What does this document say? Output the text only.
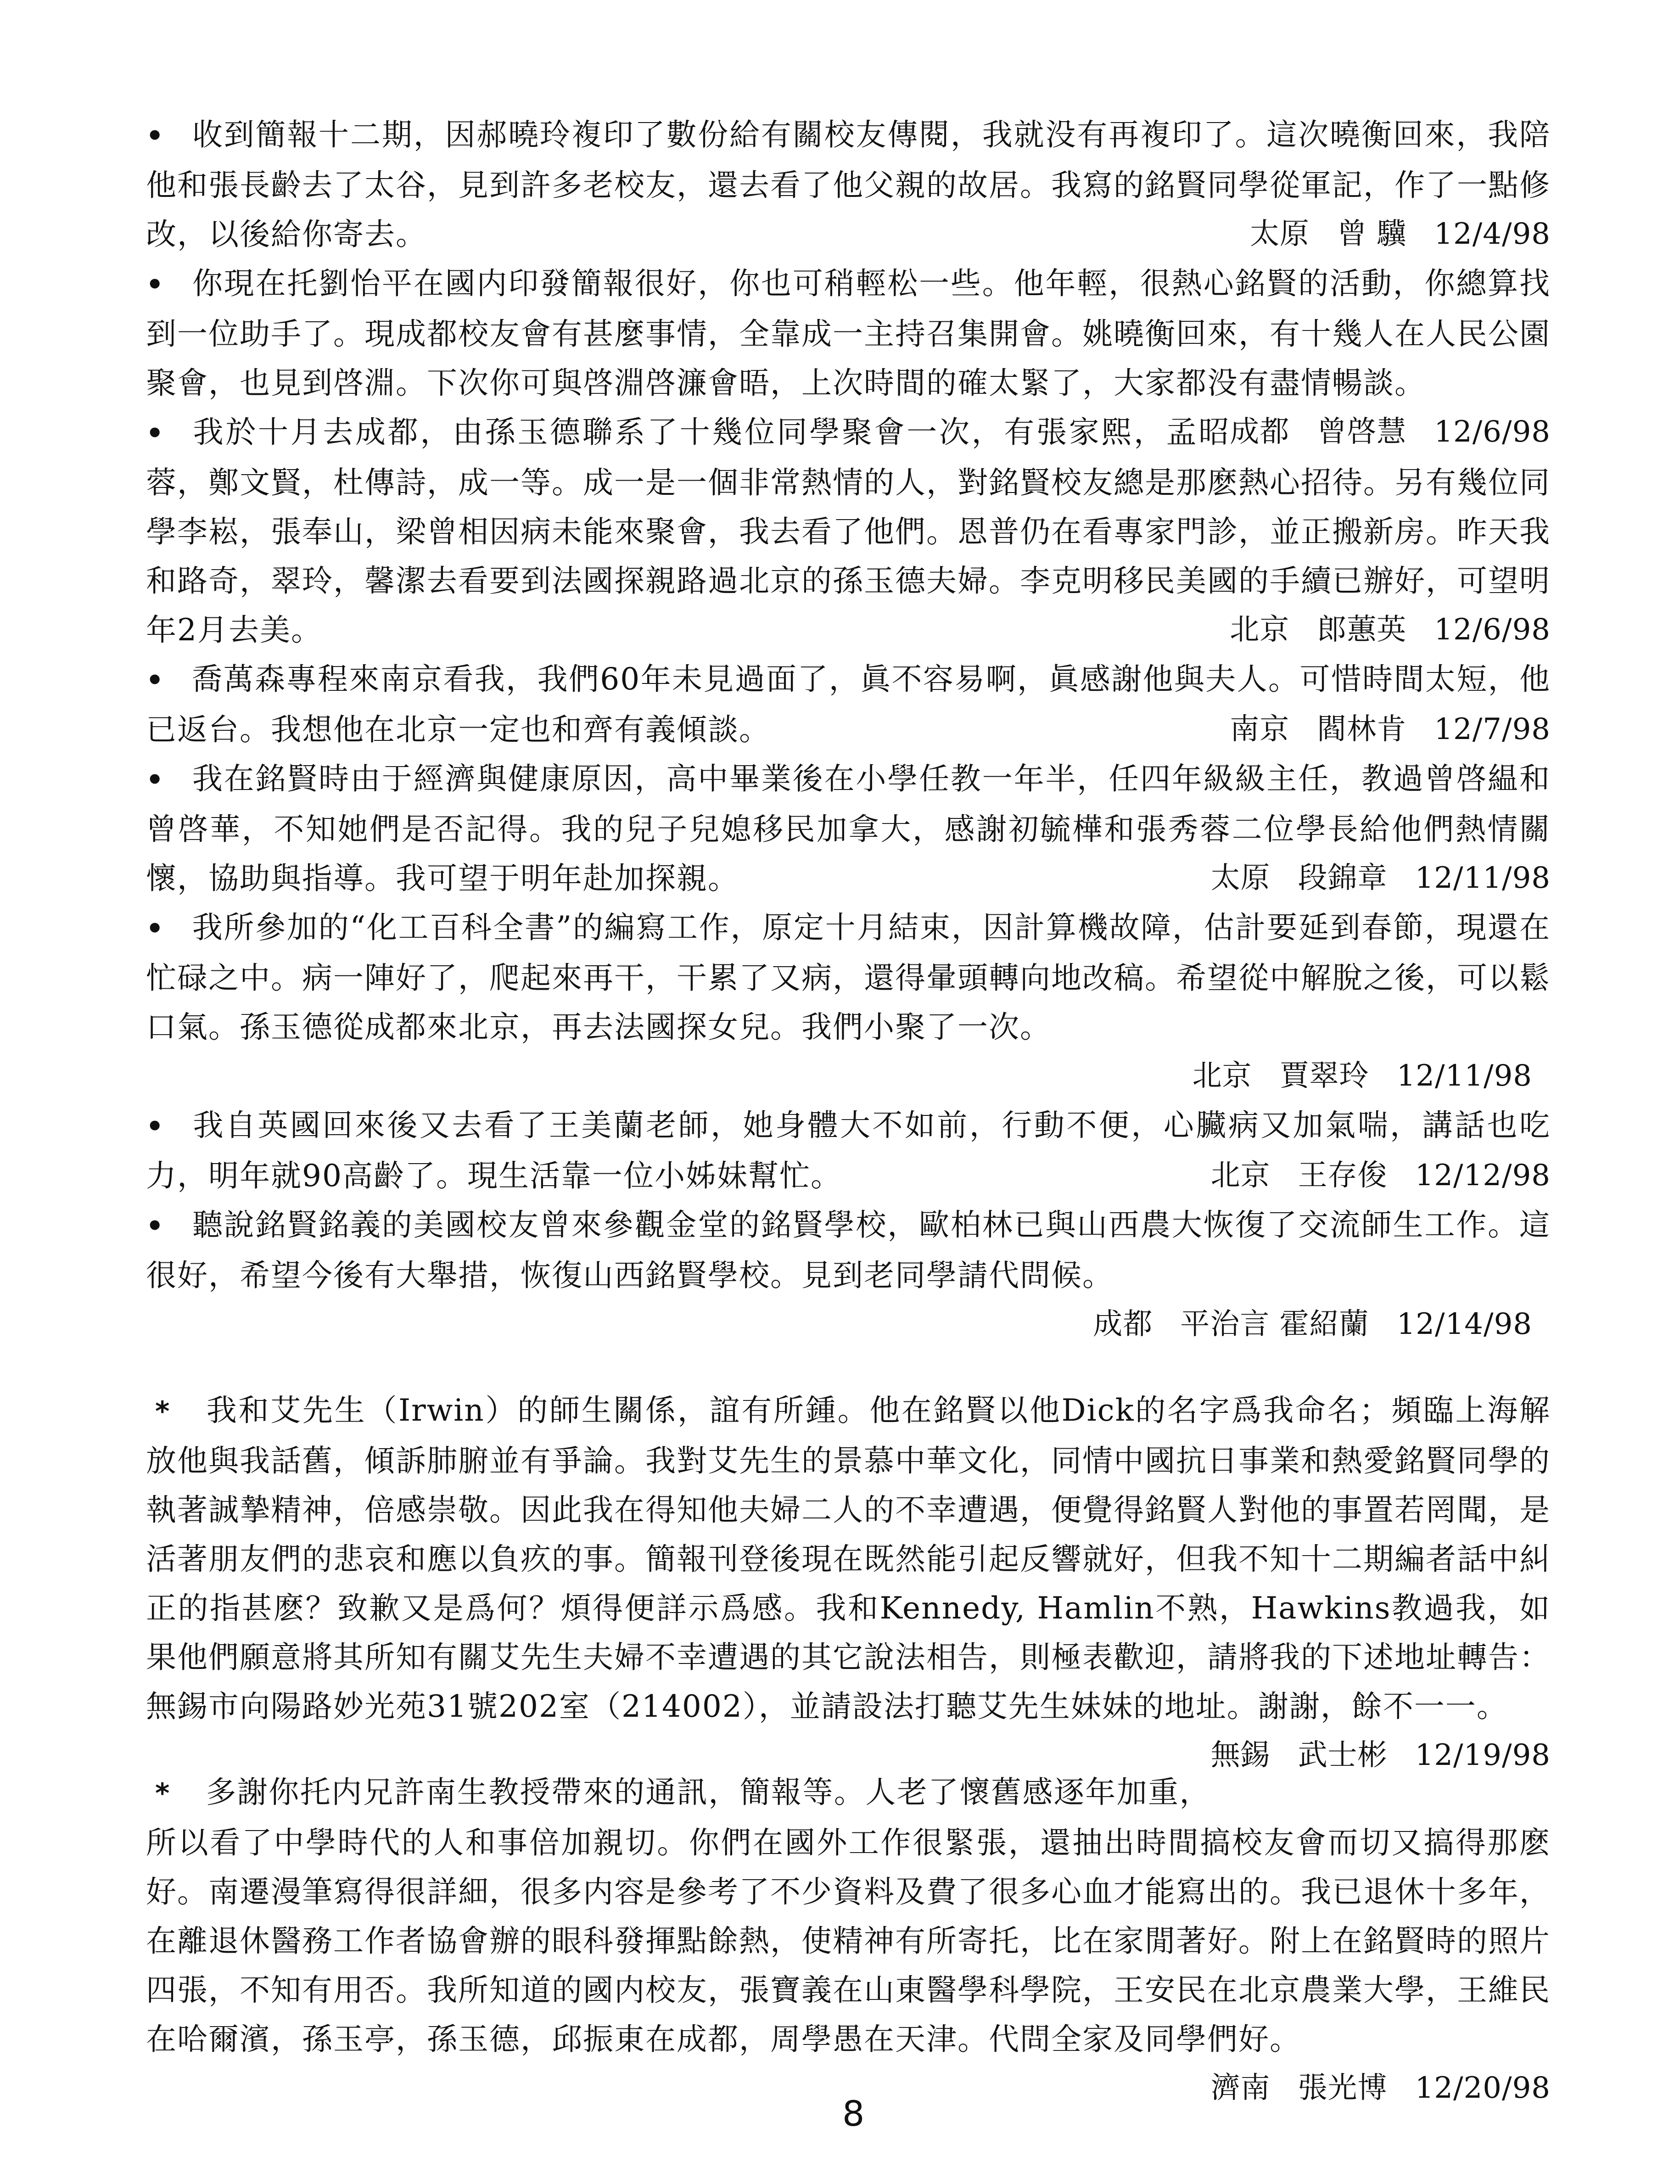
• 收到簡報十二期，因郝曉玲複印了數份給有關校友傳閱，我就没有再複印了。這次曉衡回來，我陪他和張長齡去了太谷，見到許多老校友，還去看了他父親的故居。我寫的銘賢同學從軍記，作了一點修改，以後給你寄去。	太原 曾 驥 12/4/98

• 你現在托劉怡平在國内印發簡報很好，你也可稍輕松一些。他年輕，很熱心銘賢的活動，你總算找到一位助手了。現成都校友會有甚麼事情，全靠成一主持召集開會。姚曉衡回來，有十幾人在人民公園聚會，也見到啓淵。下次你可與啓淵啓濂會晤，上次時間的確太緊了，大家都没有盡情暢談。
成都 曾啓慧 12/6/98

• 我於十月去成都，由孫玉德聯系了十幾位同學聚會一次，有張家熙，孟昭蓉，鄭文賢，杜傳詩，成一等。成一是一個非常熱情的人，對銘賢校友總是那麽熱心招待。另有幾位同學李崧，張奉山，梁曾相因病未能來聚會，我去看了他們。恩普仍在看專家門診，並正搬新房。昨天我和路奇，翠玲，馨潔去看要到法國探親路過北京的孫玉德夫婦。李克明移民美國的手續已辦好，可望明年2月去美。	北京 郎蕙英 12/6/98

• 喬萬森專程來南京看我，我們60年未見過面了，眞不容易啊，眞感謝他與夫人。可惜時間太短，他已返台。我想他在北京一定也和齊有義傾談。	南京 閻林肯 12/7/98

• 我在銘賢時由于經濟與健康原因，高中畢業後在小學任教一年半，任四年級級主任，教過曾啓緼和曾啓華，不知她們是否記得。我的兒子兒媳移民加拿大，感謝初毓樺和張秀蓉二位學長給他們熱情關懷，協助與指導。我可望于明年赴加探親。	太原 段錦章 12/11/98

• 我所參加的“化工百科全書”的編寫工作，原定十月結束，因計算機故障，估計要延到春節，現還在忙碌之中。病一陣好了，爬起來再干，干累了又病，還得暈頭轉向地改稿。希望從中解脫之後，可以鬆口氣。孫玉德從成都來北京，再去法國探女兒。我們小聚了一次。
北京 賈翠玲 12/11/98

• 我自英國回來後又去看了王美蘭老師，她身體大不如前，行動不便，心臟病又加氣喘，講話也吃力，明年就90高齡了。現生活靠一位小姊妹幫忙。	北京 王存俊 12/12/98

• 聽說銘賢銘義的美國校友曾來參觀金堂的銘賢學校，歐柏林已與山西農大恢復了交流師生工作。這很好，希望今後有大舉措，恢復山西銘賢學校。見到老同學請代問候。
成都 平治言 霍紹蘭 12/14/98

* 我和艾先生（Irwin）的師生關係，誼有所鍾。他在銘賢以他Dick的名字爲我命名；頻臨上海解放他與我話舊，傾訴肺腑並有爭論。我對艾先生的景慕中華文化，同情中國抗日事業和熱愛銘賢同學的執著誠摯精神，倍感崇敬。因此我在得知他夫婦二人的不幸遭遇，便覺得銘賢人對他的事置若罔聞，是活著朋友們的悲哀和應以負疚的事。簡報刊登後現在既然能引起反響就好，但我不知十二期編者話中糾正的指甚麽？致歉又是爲何？煩得便詳示爲感。我和Kennedy, Hamlin不熟，Hawkins教過我，如果他們願意將其所知有關艾先生夫婦不幸遭遇的其它說法相告，則極表歡迎，請將我的下述地址轉告：無錫市向陽路妙光苑31號202室（214002），並請設法打聽艾先生妹妹的地址。謝謝，餘不一一。
無錫 武士彬 12/19/98

* 多謝你托内兄許南生教授帶來的通訊，簡報等。人老了懷舊感逐年加重，所以看了中學時代的人和事倍加親切。你們在國外工作很緊張，還抽出時間搞校友會而切又搞得那麽好。南遷漫筆寫得很詳細，很多内容是參考了不少資料及費了很多心血才能寫出的。我已退休十多年，在離退休醫務工作者協會辦的眼科發揮點餘熱，使精神有所寄托，比在家閒著好。附上在銘賢時的照片四張，不知有用否。我所知道的國内校友，張寶義在山東醫學科學院，王安民在北京農業大學，王維民在哈爾濱，孫玉亭，孫玉德，邱振東在成都，周學愚在天津。代問全家及同學們好。
濟南 張光博 12/20/98

8
